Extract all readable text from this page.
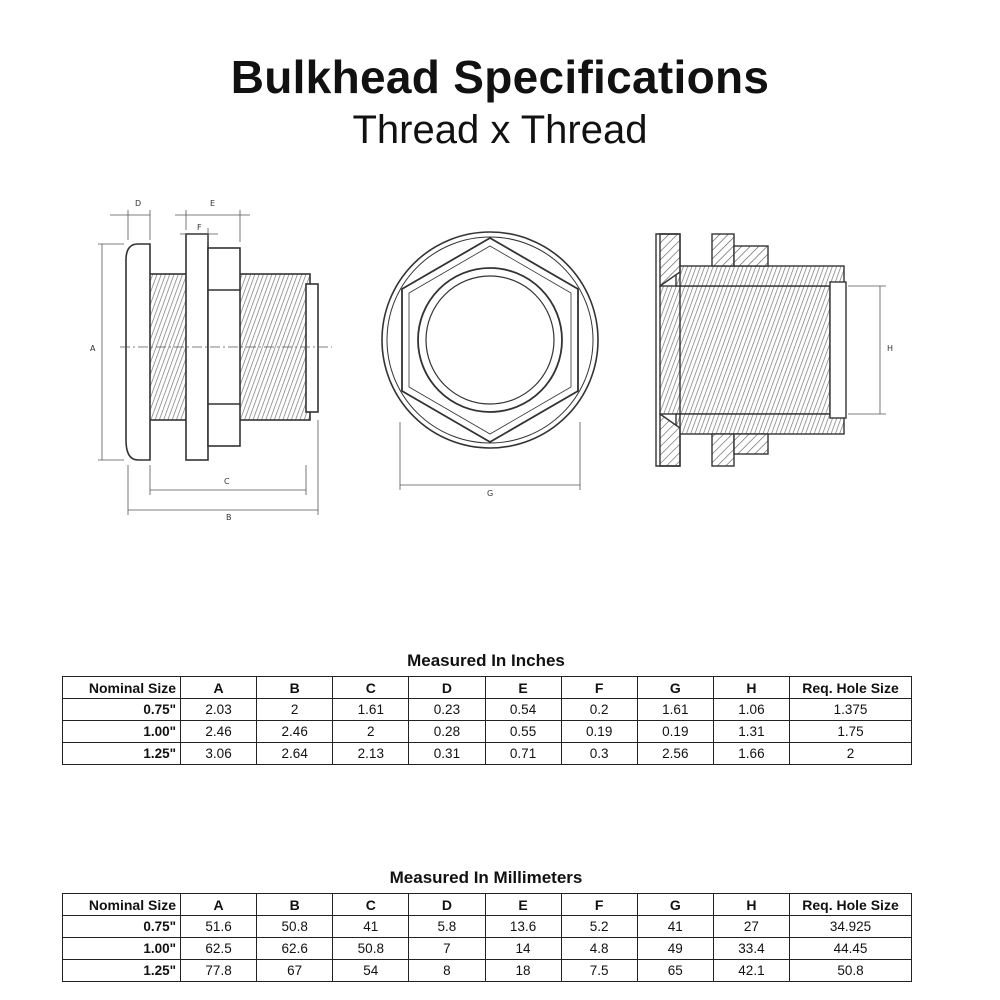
Bulkhead Specifications
Thread x Thread
A
C
B
D	E
F
G
H
Measured In Inches
Nominal Size	A	B	C	D	E	F	G	H	Req. Hole Size
0.75"	2.03	2	1.61	0.23	0.54	0.2	1.61	1.06	1.375
1.00"	2.46	2.46	2	0.28	0.55	0.19	0.19	1.31	1.75
1.25"	3.06	2.64	2.13	0.31	0.71	0.3	2.56	1.66	2
Measured In Millimeters
Nominal Size	A	B	C	D	E	F	G	H	Req. Hole Size
0.75"	51.6	50.8	41	5.8	13.6	5.2	41	27	34.925
1.00"	62.5	62.6	50.8	7	14	4.8	49	33.4	44.45
1.25"	77.8	67	54	8	18	7.5	65	42.1	50.8
